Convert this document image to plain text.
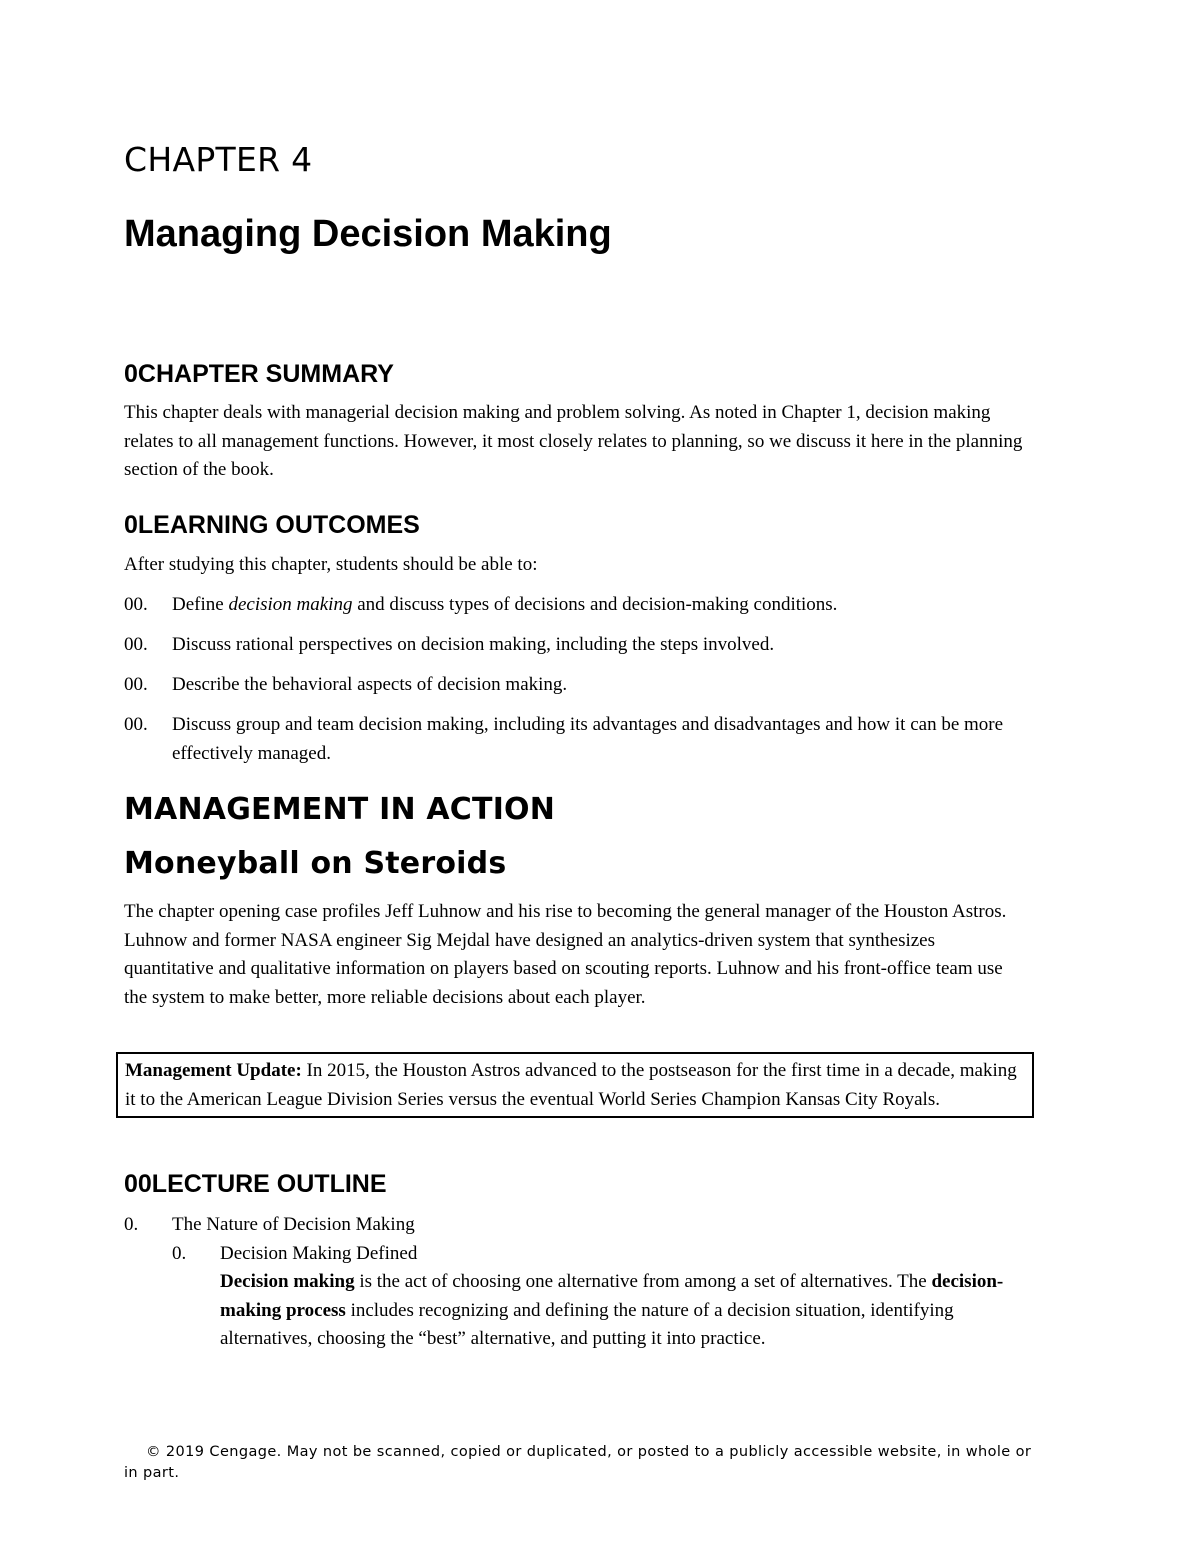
CHAPTER 4
Managing Decision Making
0CHAPTER SUMMARY

This chapter deals with managerial decision making and problem solving. As noted in Chapter 1, decision making relates to all management functions. However, it most closely relates to planning, so we discuss it here in the planning section of the book.

0LEARNING OUTCOMES

After studying this chapter, students should be able to:

00.	Define decision making and discuss types of decisions and decision-making conditions.
00.	Discuss rational perspectives on decision making, including the steps involved.
00.	Describe the behavioral aspects of decision making.
00.	Discuss group and team decision making, including its advantages and disadvantages and how it can be more effectively managed.
MANAGEMENT IN ACTION
Moneyball on Steroids

The chapter opening case profiles Jeff Luhnow and his rise to becoming the general manager of the Houston Astros. Luhnow and former NASA engineer Sig Mejdal have designed an analytics-driven system that synthesizes quantitative and qualitative information on players based on scouting reports. Luhnow and his front-office team use the system to make better, more reliable decisions about each player.

Management Update: In 2015, the Houston Astros advanced to the postseason for the first time in a decade, making it to the American League Division Series versus the eventual World Series Champion Kansas City Royals.
00LECTURE OUTLINE
0.	The Nature of Decision Making
0.	Decision Making Defined
Decision making is the act of choosing one alternative from among a set of alternatives. The decision-making process includes recognizing and defining the nature of a decision situation, identifying alternatives, choosing the “best” alternative, and putting it into practice.
© 2019 Cengage. May not be scanned, copied or duplicated, or posted to a publicly accessible website, in whole or in part.
